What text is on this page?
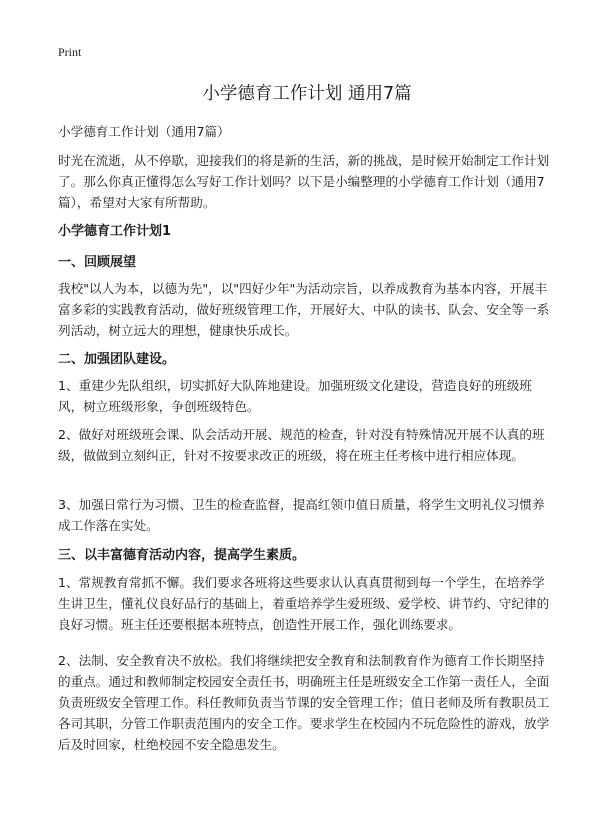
Print
小学德育工作计划 通用7篇

小学德育工作计划（通用7篇）

时光在流逝，从不停歇，迎接我们的将是新的生活，新的挑战，是时候开始制定工作计划了。那么你真正懂得怎么写好工作计划吗？以下是小编整理的小学德育工作计划（通用7篇），希望对大家有所帮助。

小学德育工作计划1

一、回顾展望

我校"以人为本，以德为先"，以"四好少年"为活动宗旨，以养成教育为基本内容，开展丰富多彩的实践教育活动，做好班级管理工作，开展好大、中队的读书、队会、安全等一系列活动，树立远大的理想，健康快乐成长。

二、加强团队建设。

1、重建少先队组织，切实抓好大队阵地建设。加强班级文化建设，营造良好的班级班风，树立班级形象，争创班级特色。

2、做好对班级班会课、队会活动开展、规范的检查，针对没有特殊情况开展不认真的班级，做做到立刻纠正，针对不按要求改正的班级，将在班主任考核中进行相应体现。

3、加强日常行为习惯、卫生的检查监督，提高红领巾值日质量，将学生文明礼仪习惯养成工作落在实处。

三、以丰富德育活动内容，提高学生素质。

1、常规教育常抓不懈。我们要求各班将这些要求认认真真贯彻到每一个学生，在培养学生讲卫生，懂礼仪良好品行的基础上，着重培养学生爱班级、爱学校、讲节约、守纪律的良好习惯。班主任还要根据本班特点，创造性开展工作，强化训练要求。

2、法制、安全教育决不放松。我们将继续把安全教育和法制教育作为德育工作长期坚持的重点。通过和教师制定校园安全责任书，明确班主任是班级安全工作第一责任人，全面负责班级安全管理工作。科任教师负责当节课的安全管理工作；值日老师及所有教职员工各司其职，分管工作职责范围内的安全工作。要求学生在校园内不玩危险性的游戏，放学后及时回家，杜绝校园不安全隐患发生。
